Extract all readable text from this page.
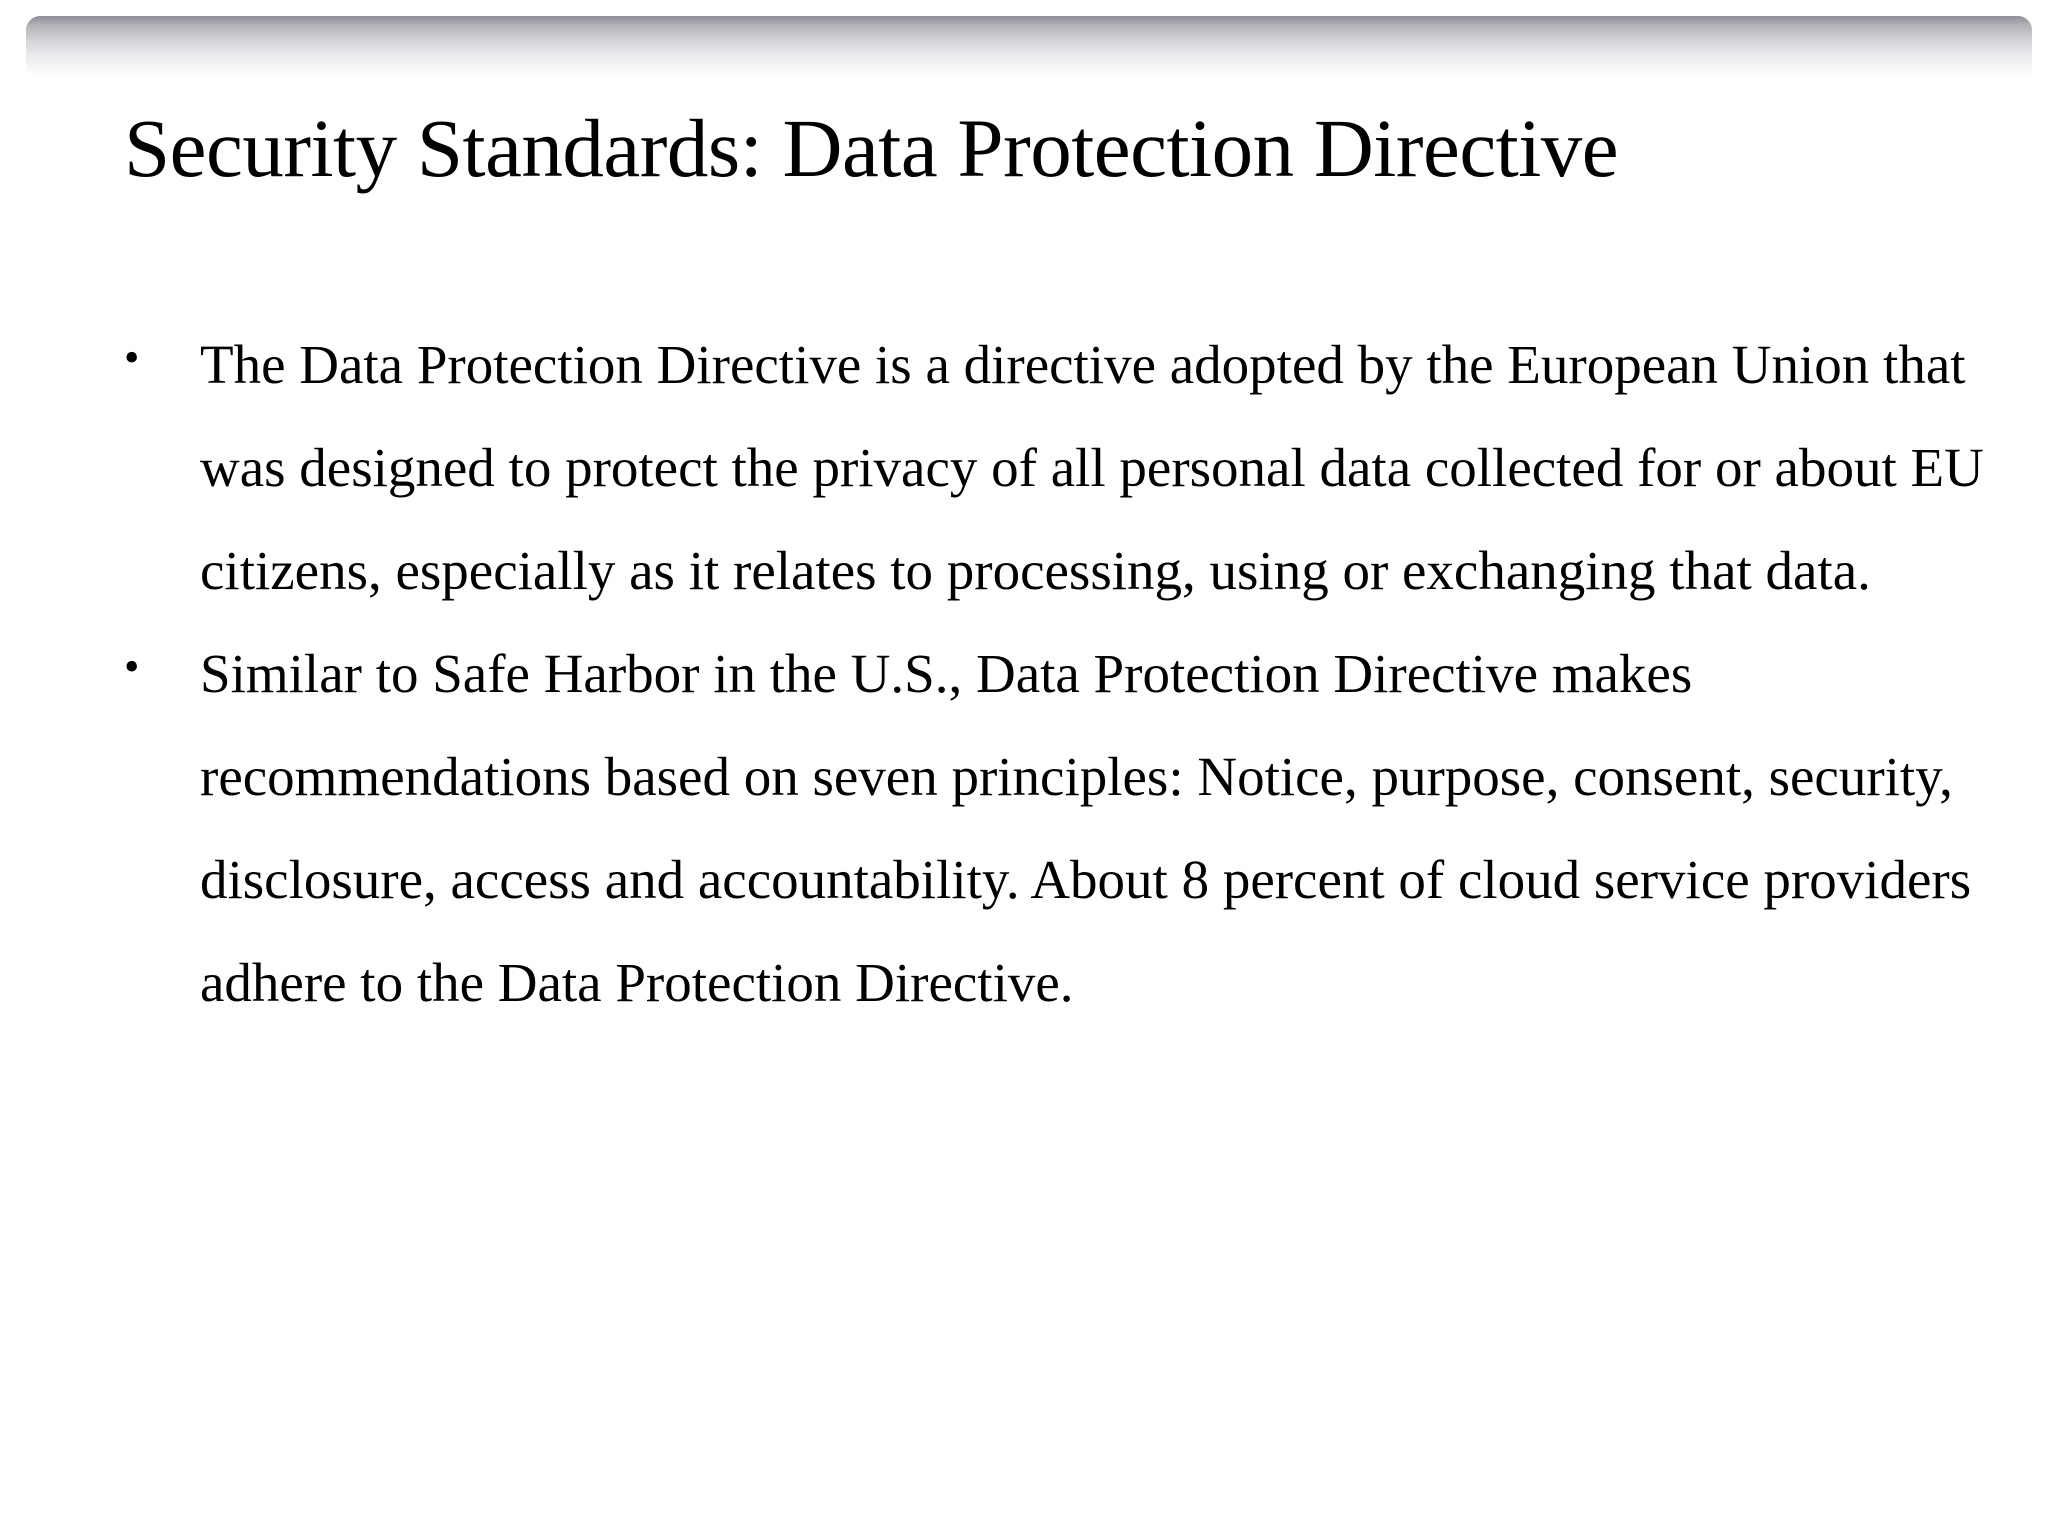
Security Standards: Data Protection Directive
• The Data Protection Directive is a directive adopted by the European Union that was designed to protect the privacy of all personal data collected for or about EU citizens, especially as it relates to processing, using or exchanging that data.
• Similar to Safe Harbor in the U.S., Data Protection Directive makes recommendations based on seven principles: Notice, purpose, consent, security, disclosure, access and accountability. About 8 percent of cloud service providers adhere to the Data Protection Directive.
